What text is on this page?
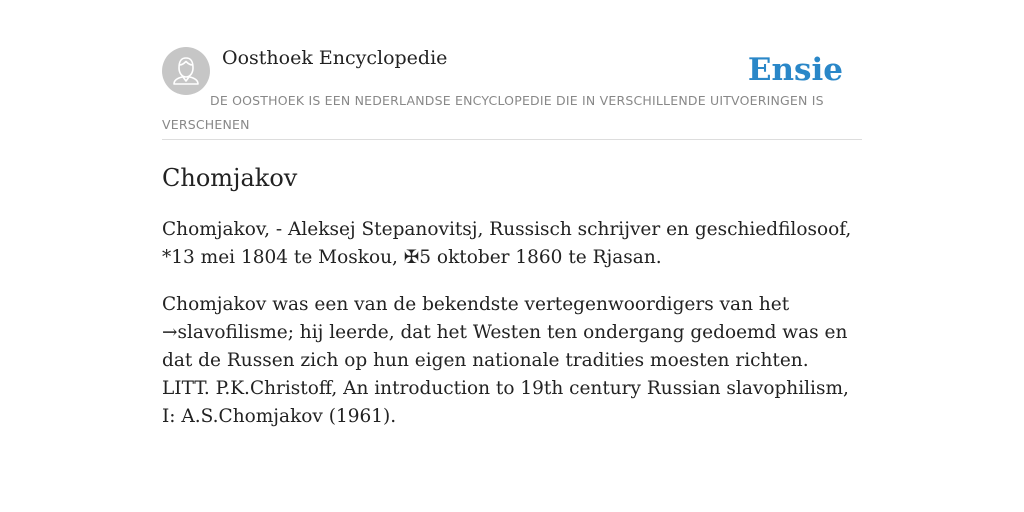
Oosthoek Encyclopedie	Ensie
DE OOSTHOEK IS EEN NEDERLANDSE ENCYCLOPEDIE DIE IN VERSCHILLENDE UITVOERINGEN IS VERSCHENEN
Chomjakov

Chomjakov, - Aleksej Stepanovitsj, Russisch schrijver en geschiedfilosoof, *13 mei 1804 te Moskou, ✠5 oktober 1860 te Rjasan.

Chomjakov was een van de bekendste vertegenwoordigers van het →slavofilisme; hij leerde, dat het Westen ten ondergang gedoemd was en dat de Russen zich op hun eigen nationale tradities moesten richten.
LITT. P.K.Christoff, An introduction to 19th century Russian slavophilism, I: A.S.Chomjakov (1961).
